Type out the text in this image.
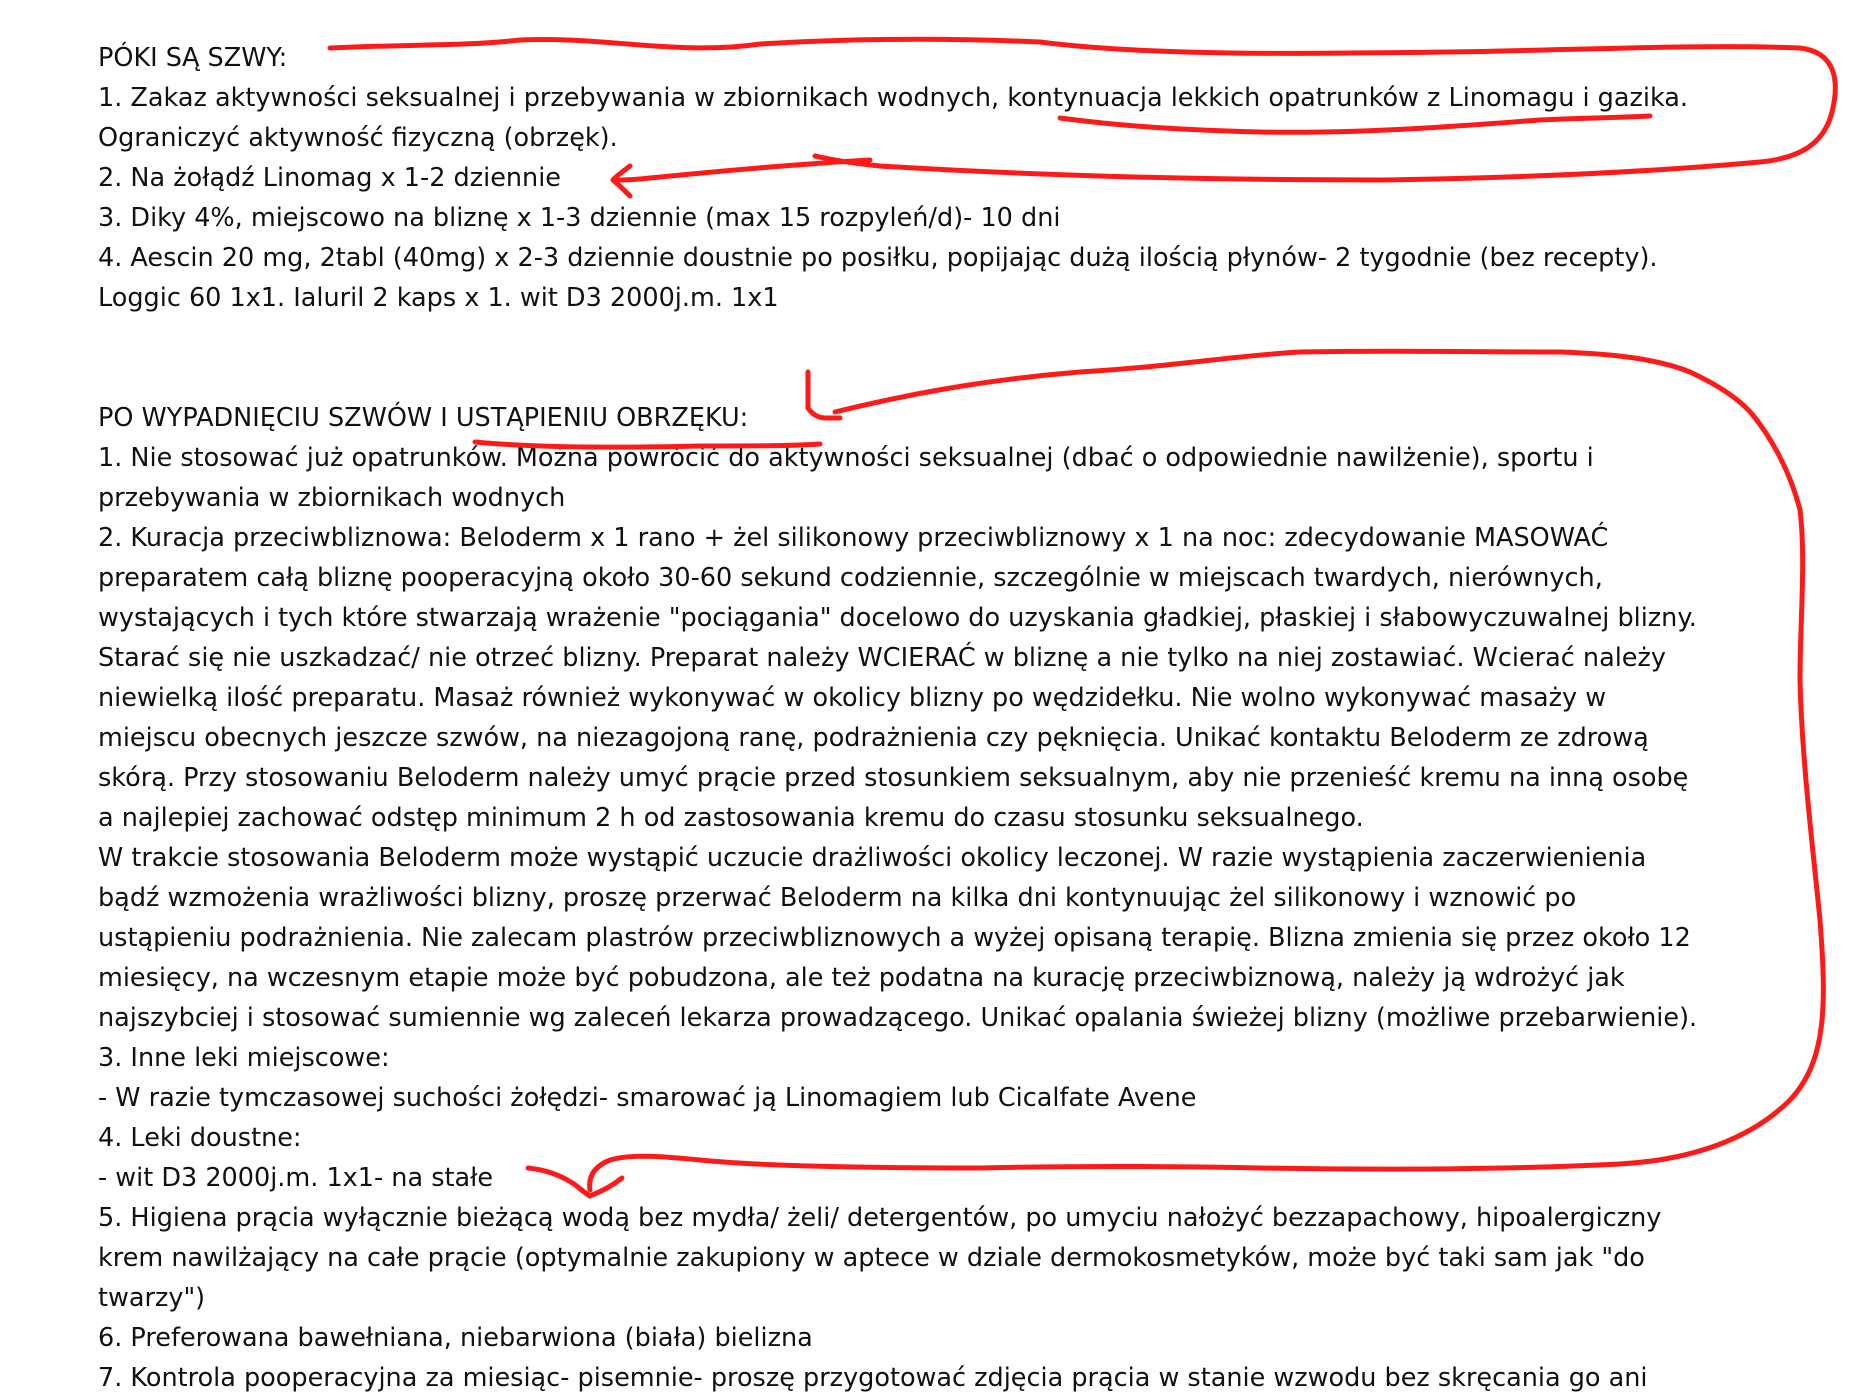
PÓKI SĄ SZWY:

1. Zakaz aktywności seksualnej i przebywania w zbiornikach wodnych, kontynuacja lekkich opatrunków z Linomagu i gazika.

Ograniczyć aktywność fizyczną (obrzęk).

2. Na żołądź Linomag x 1-2 dziennie

3. Diky 4%, miejscowo na bliznę x 1-3 dziennie (max 15 rozpyleń/d)- 10 dni

4. Aescin 20 mg, 2tabl (40mg) x 2-3 dziennie doustnie po posiłku, popijając dużą ilością płynów- 2 tygodnie (bez recepty).

Loggic 60 1x1. Ialuril 2 kaps x 1. wit D3 2000j.m. 1x1

PO WYPADNIĘCIU SZWÓW I USTĄPIENIU OBRZĘKU:

1. Nie stosować już opatrunków. Można powrócić do aktywności seksualnej (dbać o odpowiednie nawilżenie), sportu i

przebywania w zbiornikach wodnych

2. Kuracja przeciwbliznowa: Beloderm x 1 rano + żel silikonowy przeciwbliznowy x 1 na noc: zdecydowanie MASOWAĆ

preparatem całą bliznę pooperacyjną około 30-60 sekund codziennie, szczególnie w miejscach twardych, nierównych,

wystających i tych które stwarzają wrażenie "pociągania" docelowo do uzyskania gładkiej, płaskiej i słabowyczuwalnej blizny.

Starać się nie uszkadzać/ nie otrzeć blizny. Preparat należy WCIERAĆ w bliznę a nie tylko na niej zostawiać. Wcierać należy

niewielką ilość preparatu. Masaż również wykonywać w okolicy blizny po wędzidełku. Nie wolno wykonywać masaży w

miejscu obecnych jeszcze szwów, na niezagojoną ranę, podrażnienia czy pęknięcia. Unikać kontaktu Beloderm ze zdrową

skórą. Przy stosowaniu Beloderm należy umyć prącie przed stosunkiem seksualnym, aby nie przenieść kremu na inną osobę

a najlepiej zachować odstęp minimum 2 h od zastosowania kremu do czasu stosunku seksualnego.

W trakcie stosowania Beloderm może wystąpić uczucie drażliwości okolicy leczonej. W razie wystąpienia zaczerwienienia

bądź wzmożenia wrażliwości blizny, proszę przerwać Beloderm na kilka dni kontynuując żel silikonowy i wznowić po

ustąpieniu podrażnienia. Nie zalecam plastrów przeciwbliznowych a wyżej opisaną terapię. Blizna zmienia się przez około 12

miesięcy, na wczesnym etapie może być pobudzona, ale też podatna na kurację przeciwbiznową, należy ją wdrożyć jak

najszybciej i stosować sumiennie wg zaleceń lekarza prowadzącego. Unikać opalania świeżej blizny (możliwe przebarwienie).

3. Inne leki miejscowe:

- W razie tymczasowej suchości żołędzi- smarować ją Linomagiem lub Cicalfate Avene

4. Leki doustne:

- wit D3 2000j.m. 1x1- na stałe

5. Higiena prącia wyłącznie bieżącą wodą bez mydła/ żeli/ detergentów, po umyciu nałożyć bezzapachowy, hipoalergiczny

krem nawilżający na całe prącie (optymalnie zakupiony w aptece w dziale dermokosmetyków, może być taki sam jak "do

twarzy")

6. Preferowana bawełniana, niebarwiona (biała) bielizna

7. Kontrola pooperacyjna za miesiąc- pisemnie- proszę przygotować zdjęcia prącia w stanie wzwodu bez skręcania go ani
